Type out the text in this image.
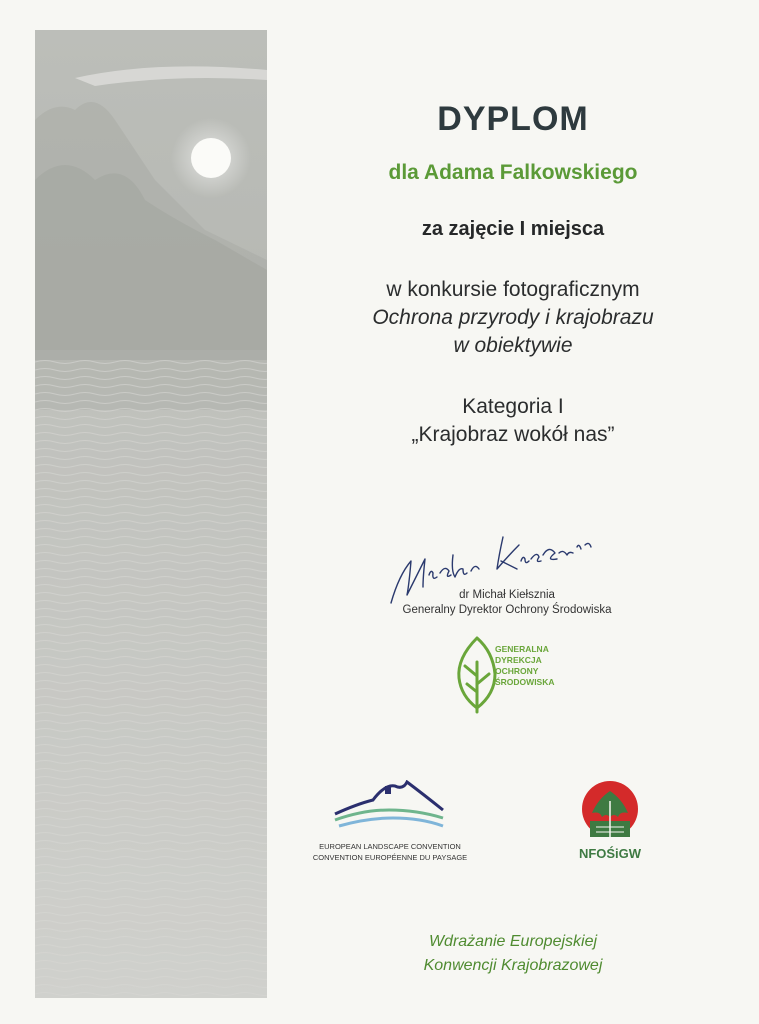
DYPLOM

dla Adama Falkowskiego

za zajęcie I miejsca

w konkursie fotograficznym

Ochrona przyrody i krajobrazu

w obiektywie

Kategoria I

„Krajobraz wokół nas”

dr Michał Kiełsznia

Generalny Dyrektor Ochrony Środowiska

GENERALNA
DYREKCJA
OCHRONY
ŚRODOWISKA
EUROPEAN LANDSCAPE CONVENTION
CONVENTION EUROPÉENNE DU PAYSAGE	NFOŚiGW

Wdrażanie Europejskiej

Konwencji Krajobrazowej
